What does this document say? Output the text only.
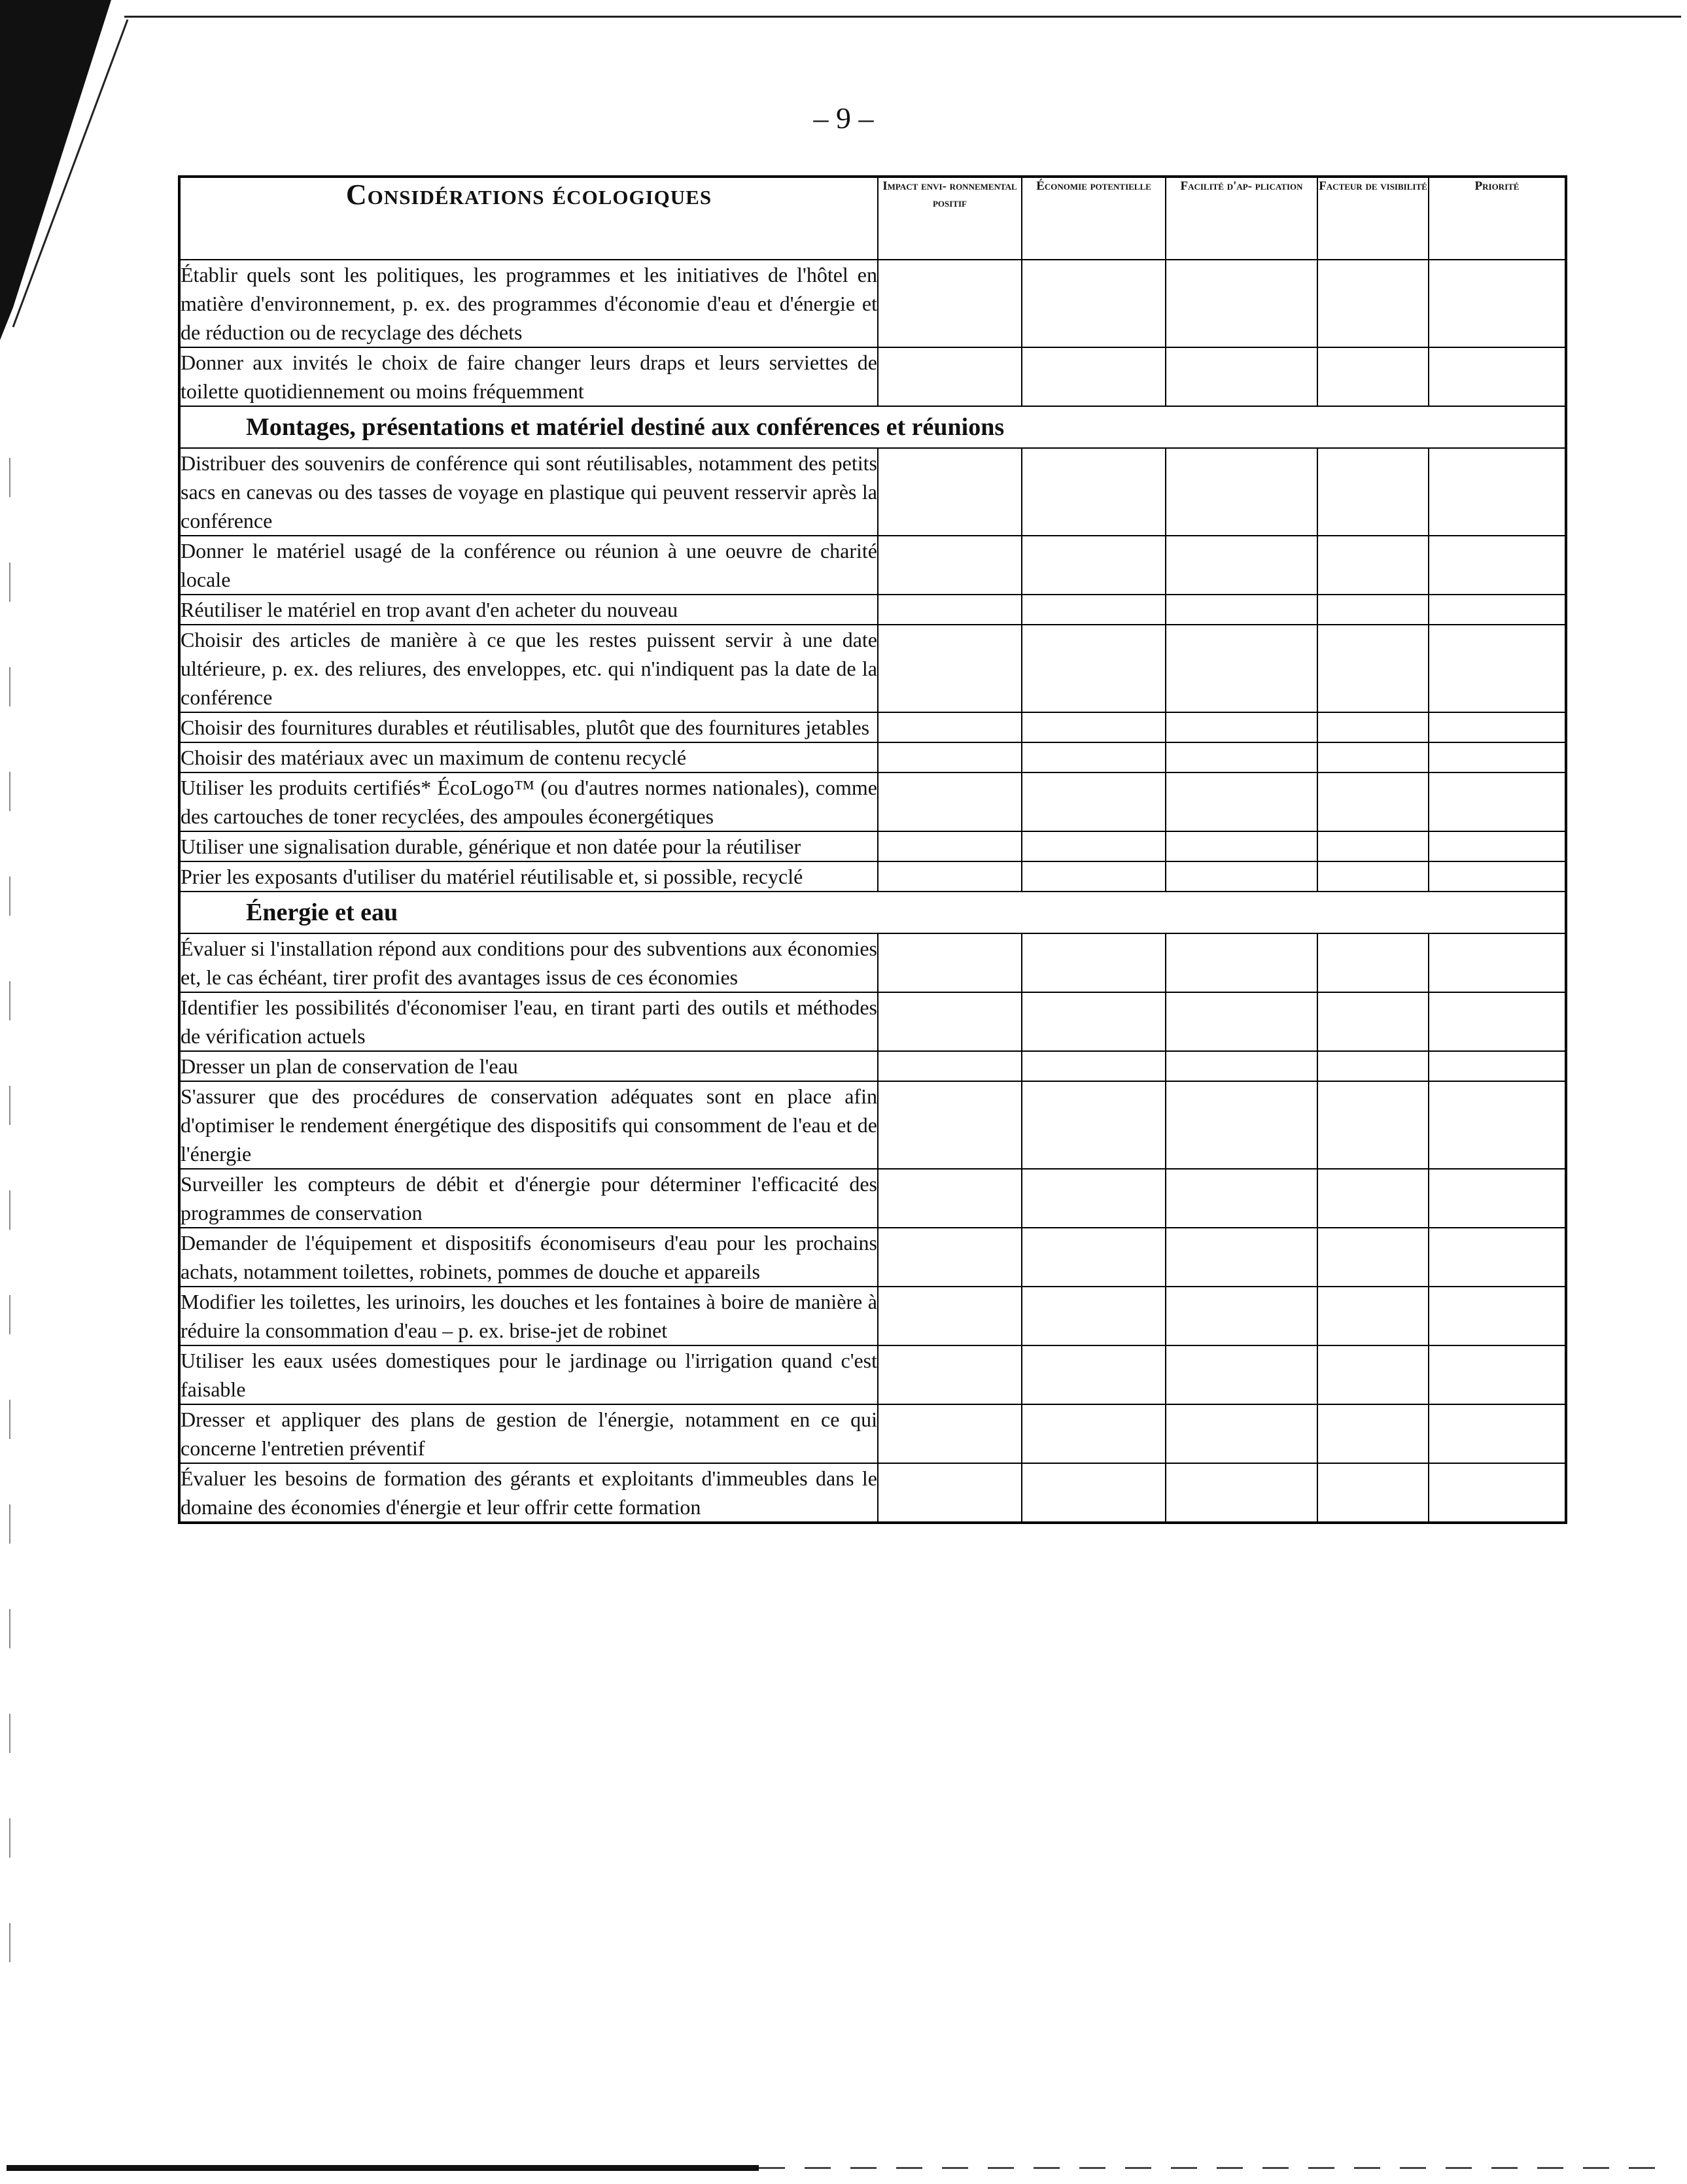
– 9 –
Considérations écologiques	Impact envi- ronnemental positif	Économie potentielle	Facilité d'ap- plication	Facteur de visibilité	Priorité
Établir quels sont les politiques, les programmes et les initiatives de l'hôtel en matière d'environnement, p. ex. des programmes d'économie d'eau et d'énergie et de réduction ou de recyclage des déchets					
Donner aux invités le choix de faire changer leurs draps et leurs serviettes de toilette quotidiennement ou moins fréquemment					
Montages, présentations et matériel destiné aux conférences et réunions					
Distribuer des souvenirs de conférence qui sont réutilisables, notamment des petits sacs en canevas ou des tasses de voyage en plastique qui peuvent resservir après la conférence					
Donner le matériel usagé de la conférence ou réunion à une oeuvre de charité locale					
Réutiliser le matériel en trop avant d'en acheter du nouveau					
Choisir des articles de manière à ce que les restes puissent servir à une date ultérieure, p. ex. des reliures, des enveloppes, etc. qui n'indiquent pas la date de la conférence					
Choisir des fournitures durables et réutilisables, plutôt que des fournitures jetables					
Choisir des matériaux avec un maximum de contenu recyclé					
Utiliser les produits certifiés* ÉcoLogo™ (ou d'autres normes nationales), comme des cartouches de toner recyclées, des ampoules éconergétiques					
Utiliser une signalisation durable, générique et non datée pour la réutiliser					
Prier les exposants d'utiliser du matériel réutilisable et, si possible, recyclé					
Énergie et eau					
Évaluer si l'installation répond aux conditions pour des subventions aux économies et, le cas échéant, tirer profit des avantages issus de ces économies					
Identifier les possibilités d'économiser l'eau, en tirant parti des outils et méthodes de vérification actuels					
Dresser un plan de conservation de l'eau					
S'assurer que des procédures de conservation adéquates sont en place afin d'optimiser le rendement énergétique des dispositifs qui consomment de l'eau et de l'énergie					
Surveiller les compteurs de débit et d'énergie pour déterminer l'efficacité des programmes de conservation					
Demander de l'équipement et dispositifs économiseurs d'eau pour les prochains achats, notamment toilettes, robinets, pommes de douche et appareils					
Modifier les toilettes, les urinoirs, les douches et les fontaines à boire de manière à réduire la consommation d'eau – p. ex. brise-jet de robinet					
Utiliser les eaux usées domestiques pour le jardinage ou l'irrigation quand c'est faisable					
Dresser et appliquer des plans de gestion de l'énergie, notamment en ce qui concerne l'entretien préventif					
Évaluer les besoins de formation des gérants et exploitants d'immeubles dans le domaine des économies d'énergie et leur offrir cette formation					
